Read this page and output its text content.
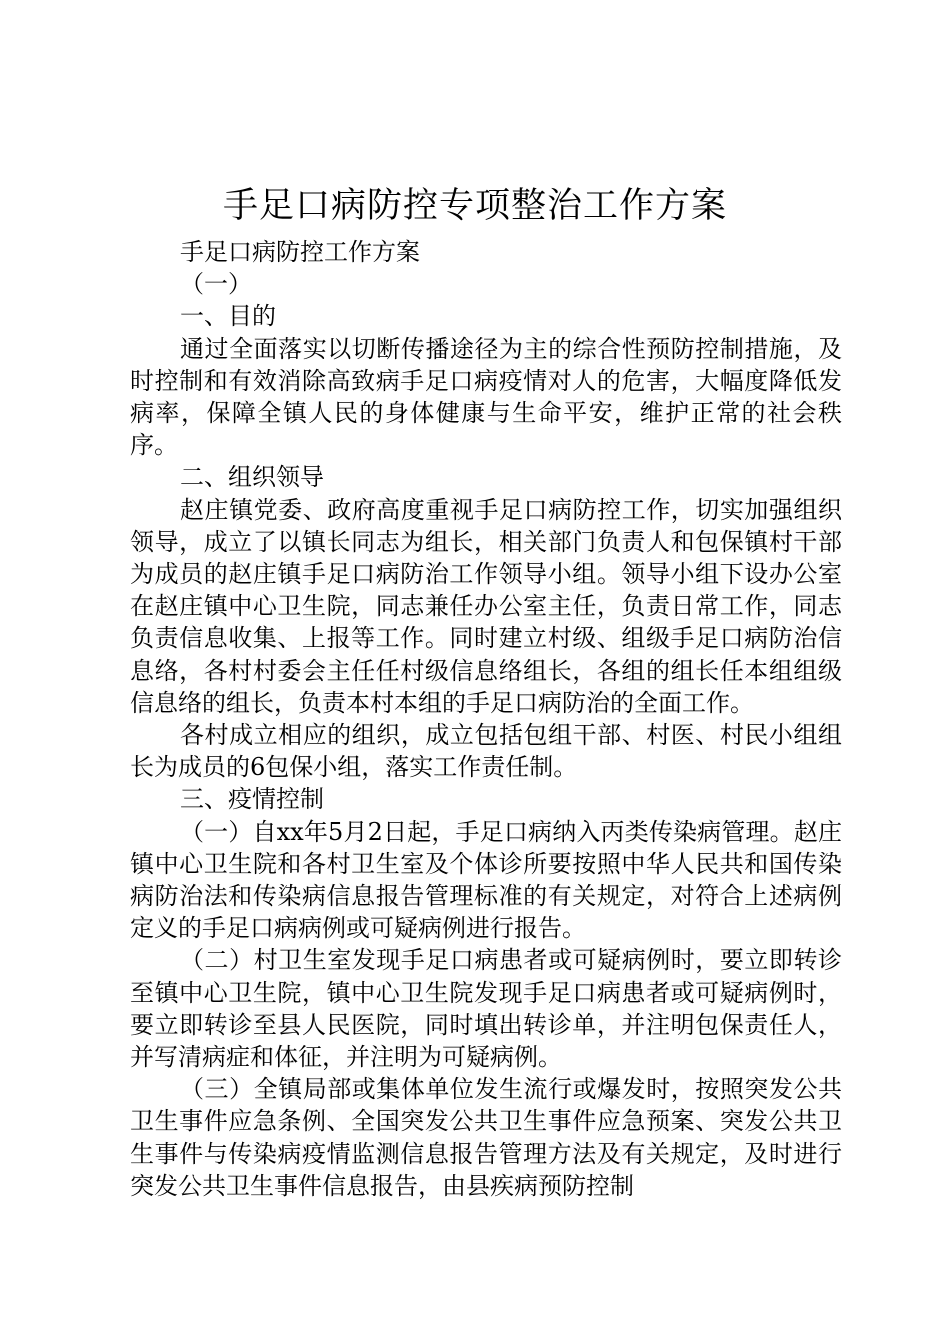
手足口病防控专项整治工作方案

手足口病防控工作方案

（一）

一、目的

通过全面落实以切断传播途径为主的综合性预防控制措施，及时控制和有效消除高致病手足口病疫情对人的危害，大幅度降低发病率，保障全镇人民的身体健康与生命平安，维护正常的社会秩序。

二、组织领导

赵庄镇党委、政府高度重视手足口病防控工作，切实加强组织领导，成立了以镇长同志为组长，相关部门负责人和包保镇村干部为成员的赵庄镇手足口病防治工作领导小组。领导小组下设办公室在赵庄镇中心卫生院，同志兼任办公室主任，负责日常工作，同志负责信息收集、上报等工作。同时建立村级、组级手足口病防治信息络，各村村委会主任任村级信息络组长，各组的组长任本组组级信息络的组长，负责本村本组的手足口病防治的全面工作。

各村成立相应的组织，成立包括包组干部、村医、村民小组组长为成员的6包保小组，落实工作责任制。

三、疫情控制

（一）自xx年5月2日起，手足口病纳入丙类传染病管理。赵庄镇中心卫生院和各村卫生室及个体诊所要按照中华人民共和国传染病防治法和传染病信息报告管理标准的有关规定，对符合上述病例定义的手足口病病例或可疑病例进行报告。

（二）村卫生室发现手足口病患者或可疑病例时，要立即转诊至镇中心卫生院，镇中心卫生院发现手足口病患者或可疑病例时，要立即转诊至县人民医院，同时填出转诊单，并注明包保责任人，并写清病症和体征，并注明为可疑病例。

（三）全镇局部或集体单位发生流行或爆发时，按照突发公共卫生事件应急条例、全国突发公共卫生事件应急预案、突发公共卫生事件与传染病疫情监测信息报告管理方法及有关规定，及时进行突发公共卫生事件信息报告，由县疾病预防控制
